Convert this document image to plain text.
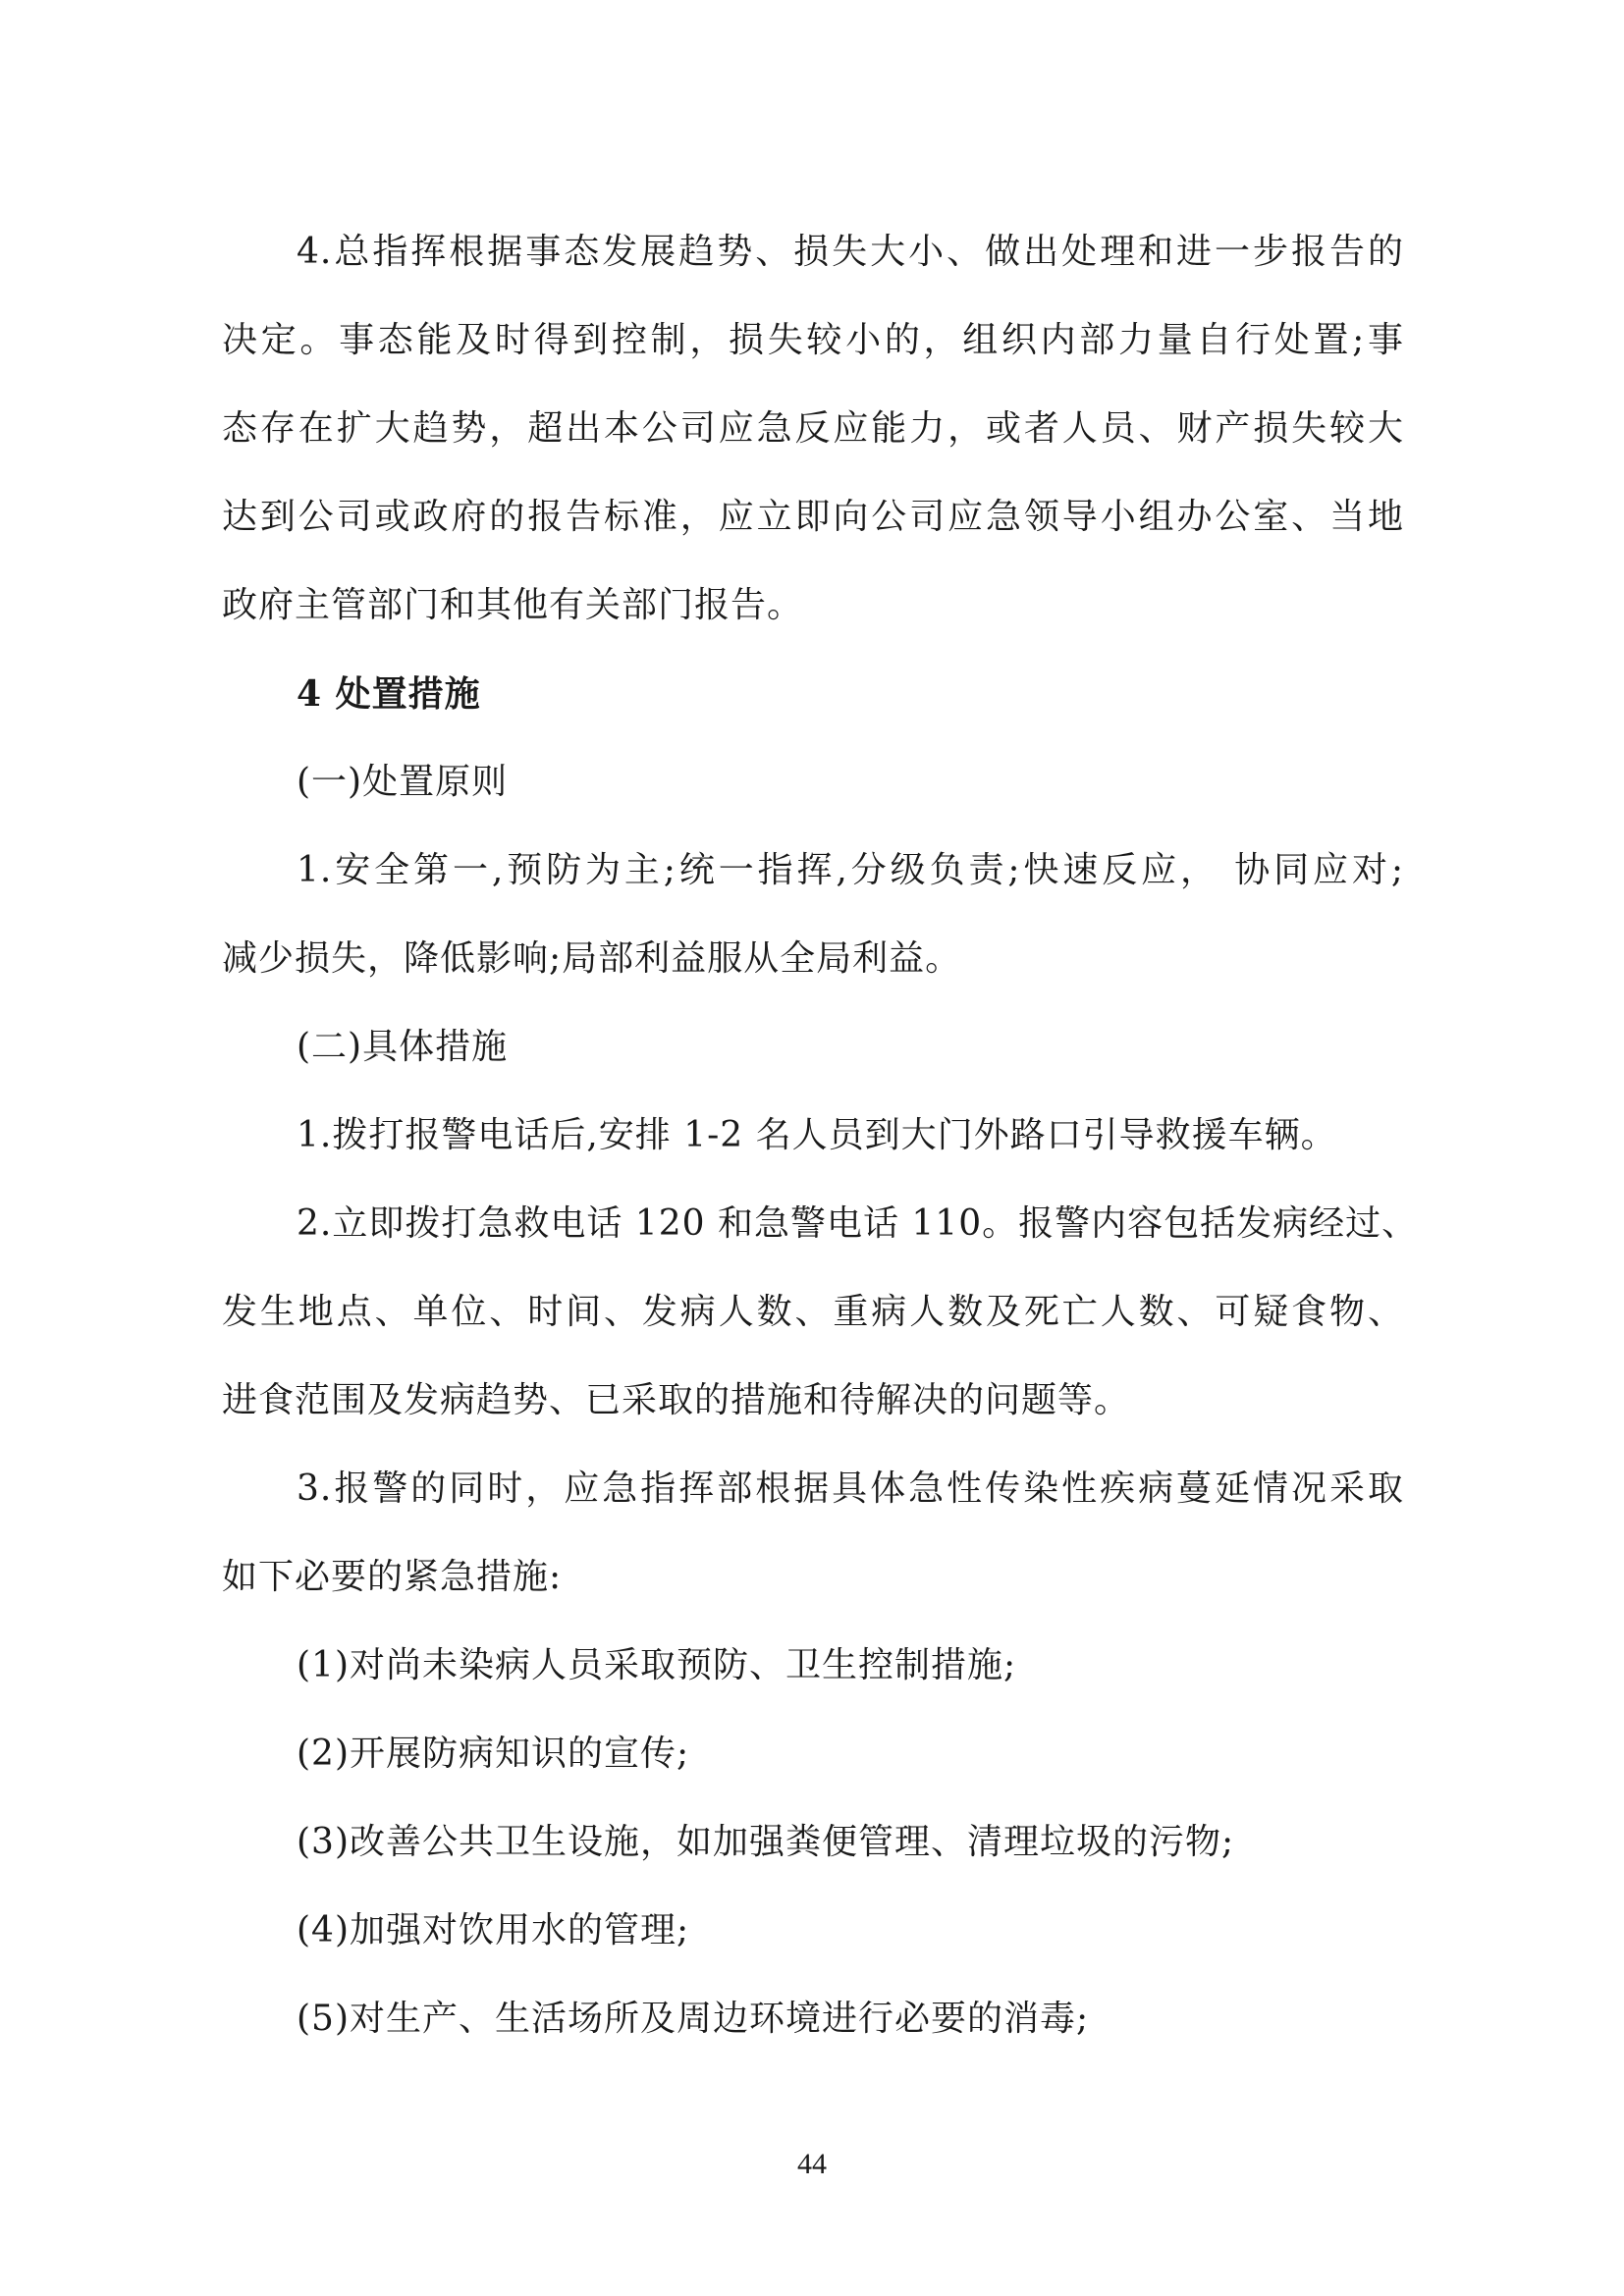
4.总指挥根据事态发展趋势、损失大小、做出处理和进一步报告的
决定。事态能及时得到控制，损失较小的，组织内部力量自行处置;事
态存在扩大趋势，超出本公司应急反应能力，或者人员、财产损失较大
达到公司或政府的报告标准，应立即向公司应急领导小组办公室、当地
政府主管部门和其他有关部门报告。

4 处置措施

(一)处置原则

1.安全第一,预防为主;统一指挥,分级负责;快速反应， 协同应对;
减少损失，降低影响;局部利益服从全局利益。

(二)具体措施

1.拨打报警电话后,安排 1-2 名人员到大门外路口引导救援车辆。

2.立即拨打急救电话 120 和急警电话 110。报警内容包括发病经过、
发生地点、单位、时间、发病人数、重病人数及死亡人数、可疑食物、
进食范围及发病趋势、已采取的措施和待解决的问题等。

3.报警的同时，应急指挥部根据具体急性传染性疾病蔓延情况采取
如下必要的紧急措施:

(1)对尚未染病人员采取预防、卫生控制措施;

(2)开展防病知识的宣传;

(3)改善公共卫生设施，如加强粪便管理、清理垃圾的污物;

(4)加强对饮用水的管理;

(5)对生产、生活场所及周边环境进行必要的消毒;

44
